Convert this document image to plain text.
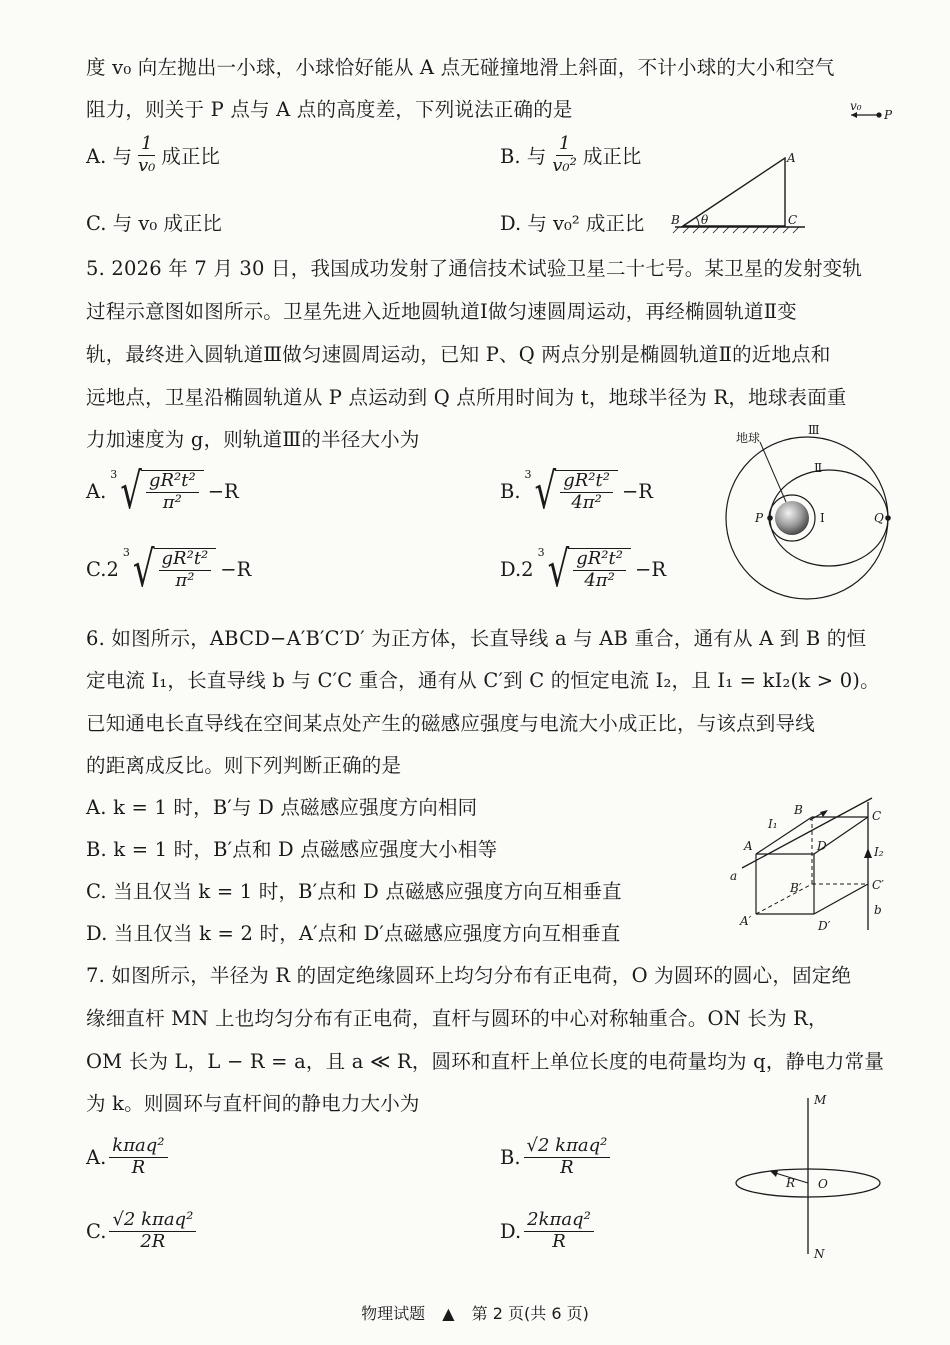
度 v₀ 向左抛出一小球，小球恰好能从 A 点无碰撞地滑上斜面，不计小球的大小和空气
阻力，则关于 P 点与 A 点的高度差，下列说法正确的是
A. 与 $\frac{1}{\text{v₀}}$ 成正比	B. 与 $\frac{1}{\text{v₀²}}$ 成正比
C. 与 v₀ 成正比	D. 与 v₀² 成正比
v₀
P
θ
A
B	C
5. 2026 年 7 月 30 日，我国成功发射了通信技术试验卫星二十七号。某卫星的发射变轨
过程示意图如图所示。卫星先进入近地圆轨道Ⅰ做匀速圆周运动，再经椭圆轨道Ⅱ变
轨，最终进入圆轨道Ⅲ做匀速圆周运动，已知 P、Q 两点分别是椭圆轨道Ⅱ的近地点和
远地点，卫星沿椭圆轨道从 P 点运动到 Q 点所用时间为 t，地球半径为 R，地球表面重
力加速度为 g，则轨道Ⅲ的半径大小为
A.
3 √ $\frac{\text{gR²t²}}{\text{π²}} -R$	B.
3 √ $\frac{\text{gR²t²}}{\text{4π²}} -R$
C. 2
3 √ $\frac{\text{gR²t²}}{\text{π²}} -R$	D. 2
3 √ $\frac{\text{gR²t²}}{\text{4π²}} -R$
地球
Ⅲ
Ⅱ
Ⅰ
P	Q
6. 如图所示，ABCD−A′B′C′D′ 为正方体，长直导线 a 与 AB 重合，通有从 A 到 B 的恒
定电流 I₁，长直导线 b 与 C′C 重合，通有从 C′到 C 的恒定电流 I₂，且 I₁ = kI₂(k > 0)。
已知通电长直导线在空间某点处产生的磁感应强度与电流大小成正比，与该点到导线
的距离成反比。则下列判断正确的是
A. k = 1 时，B′与 D 点磁感应强度方向相同
B. k = 1 时，B′点和 D 点磁感应强度大小相等
C. 当且仅当 k = 1 时，B′点和 D 点磁感应强度方向互相垂直
D. 当且仅当 k = 2 时，A′点和 D′点磁感应强度方向互相垂直
A
B	C
D
A′
B′	C′
D′
I₁
I₂
a
b
7. 如图所示，半径为 R 的固定绝缘圆环上均匀分布有正电荷，O 为圆环的圆心，固定绝
缘细直杆 MN 上也均匀分布有正电荷，直杆与圆环的中心对称轴重合。ON 长为 R，
OM 长为 L，L − R = a，且 a ≪ R，圆环和直杆上单位长度的电荷量均为 q，静电力常量
为 k。则圆环与直杆间的静电力大小为
A. $\frac{\text{kπaq²}}{R}$	B. $\frac{\text{√2 kπaq²}}{R}$
C. $\frac{\text{√2 kπaq²}}{2R}$	D. $\frac{\text{2kπaq²}}{R}$
M
N
R O
物理试题 ▲ 第 2 页(共 6 页)
